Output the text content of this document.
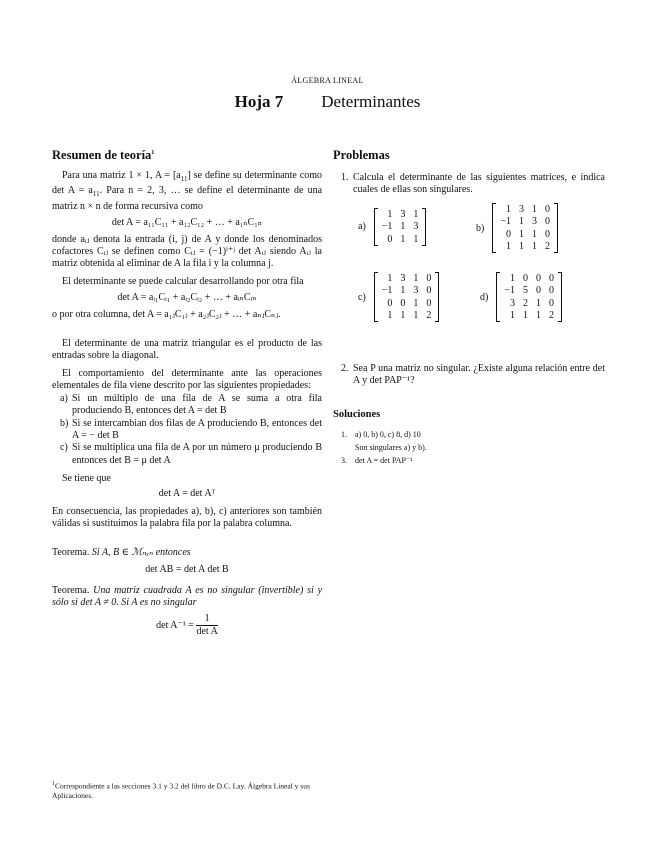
ÁLGEBRA LINEAL
Hoja 7 Determinantes
Resumen de teoría$^1$

Para una matriz 1 × 1, $A = [a_{11}]$ se define su determinante como $\det A = a_{11}$. Para n = 2, 3, … se define el determinante de una matriz n × n de forma recursiva como

det A = a₁₁C₁₁ + a₁₂C₁₂ + … + a₁ₙC₁ₙ

donde aᵢⱼ denota la entrada (i, j) de A y donde los denominados cofactores Cᵢⱼ se definen como Cᵢⱼ = (−1)ⁱ⁺ʲ det Aᵢⱼ siendo Aᵢⱼ la matriz obtenida al eliminar de A la fila i y la columna j.

El determinante se puede calcular desarrollando por otra fila

det A = aᵢ₁Cᵢ₁ + aᵢ₂Cᵢ₂ + … + aᵢₙCᵢₙ

o por otra columna, det A = a₁ⱼC₁ⱼ + a₂ⱼC₂ⱼ + … + aₙⱼCₙⱼ.

El determinante de una matriz triangular es el producto de las entradas sobre la diagonal.

El comportamiento del determinante ante las operaciones elementales de fila viene descrito por las siguientes propiedades:

a) Si un múltiplo de una fila de A se suma a otra fila produciendo B, entonces det A = det B
b) Si se intercambian dos filas de A produciendo B, entonces det A = − det B
c) Si se multiplica una fila de A por un número μ produciendo B entonces det B = μ det A

Se tiene que

det A = det Aᵀ

En consecuencia, las propiedades a), b), c) anteriores son también válidas si sustituimos la palabra fila por la palabra columna.

Teorema. Si A, B ∈ ℳₙₓₙ entonces

det AB = det A det B

Teorema. Una matriz cuadrada A es no singular (invertible) si y sólo si det A ≠ 0. Si A es no singular

$\det A^{-1} = \frac{1}{\text{det A}}$
$^1$Correspondiente a las secciones 3.1 y 3.2 del libro de D.C. Lay. Álgebra Lineal y sus Aplicaciones.
Problemas
1. Calcula el determinante de las siguientes matrices, e indica cuales de ellas son singulares.
a)
1	3	1
−1	1	3
0	1	1
b)
1	3	1	0
−1	1	3	0
0	1	1	0
1	1	1	2
c)
1	3	1	0
−1	1	3	0
0	0	1	0
1	1	1	2
d)
1	0	0	0
−1	5	0	0
3	2	1	0
1	1	1	2
2. Sea P una matriz no singular. ¿Existe alguna relación entre det A y det PAP⁻¹?
Soluciones
1. a) 0, b) 0, c) 8, d) 10
Son singulares a) y b).
3. det A = det PAP⁻¹
